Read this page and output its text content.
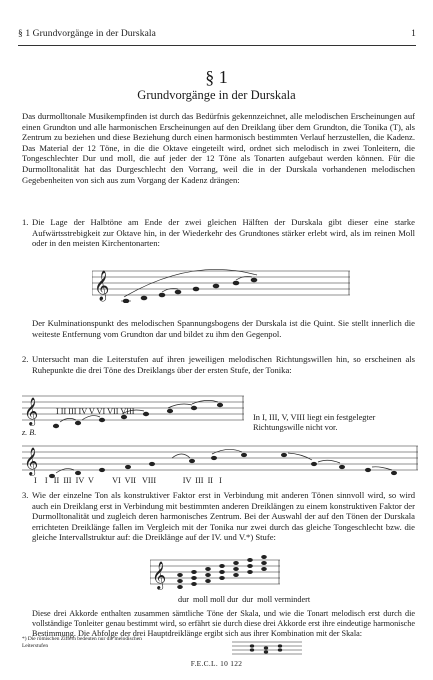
§ 1 Grundvorgänge in der Durskala	1
§ 1
Grundvorgänge in der Durskala

Das durmolltonale Musikempfinden ist durch das Bedürfnis gekennzeichnet, alle melodischen Erscheinungen auf einen Grundton und alle harmonischen Erscheinungen auf den Dreiklang über dem Grundton, die Tonika (T), als Zentrum zu beziehen und diese Beziehung durch einen harmonisch bestimmten Verlauf herzustellen, die Kadenz. Das Material der 12 Töne, in die die Oktave eingeteilt wird, ordnet sich melodisch in zwei Tonleitern, die Tongeschlechter Dur und moll, die auf jeder der 12 Töne als Tonarten aufgebaut werden können. Für die Durmolltonalität hat das Durgeschlecht den Vorrang, weil die in der Durskala vorhandenen melodischen Gegebenheiten von sich aus zum Vorgang der Kadenz drängen:

1. Die Lage der Halbtöne am Ende der zwei gleichen Hälften der Durskala gibt dieser eine starke Aufwärtsstrebigkeit zur Oktave hin, in der Wiederkehr des Grundtones stärker erlebt wird, als im reinen Moll oder in den meisten Kirchentonarten:
𝄞

Der Kulminationspunkt des melodischen Spannungsbogens der Durskala ist die Quint. Sie stellt innerlich die weiteste Entfernung vom Grundton dar und bildet zu ihm den Gegenpol.

2. Untersucht man die Leiterstufen auf ihren jeweiligen melodischen Richtungswillen hin, so erscheinen als Ruhepunkte die drei Töne des Dreiklangs über der ersten Stufe, der Tonika:
𝄞 I II III IV V VI VII VIII
In I, III, V, VIII liegt ein festgelegter Richtungswille nicht vor.
z. B.
𝄞
I    I   II  III  IV  V         VI  VII   VIII             IV  III  II   I
3. Wie der einzelne Ton als konstruktiver Faktor erst in Verbindung mit anderen Tönen sinnvoll wird, so wird auch ein Dreiklang erst in Verbindung mit bestimmten anderen Dreiklängen zu einem konstruktiven Faktor der Durmolltonalität und zugleich deren harmonisches Zentrum. Bei der Auswahl der auf den Tönen der Durskala errichteten Dreiklänge fallen im Vergleich mit der Tonika nur zwei durch das gleiche Tongeschlecht bzw. die gleiche Intervallstruktur auf: die Dreiklänge auf der IV. und V.*) Stufe:
𝄞
dur  moll moll dur  dur  moll vermindert

Diese drei Akkorde enthalten zusammen sämtliche Töne der Skala, und wie die Tonart melodisch erst durch die vollständige Tonleiter genau bestimmt wird, so erfährt sie durch diese drei Akkorde erst ihre eindeutige harmonische Bestimmung. Die Abfolge der drei Hauptdreiklänge ergibt sich aus ihrer Kombination mit der Skala:

*) Die römischen Ziffern bedeuten nur die melodischen Leiterstufen
F.E.C.L. 10 122
